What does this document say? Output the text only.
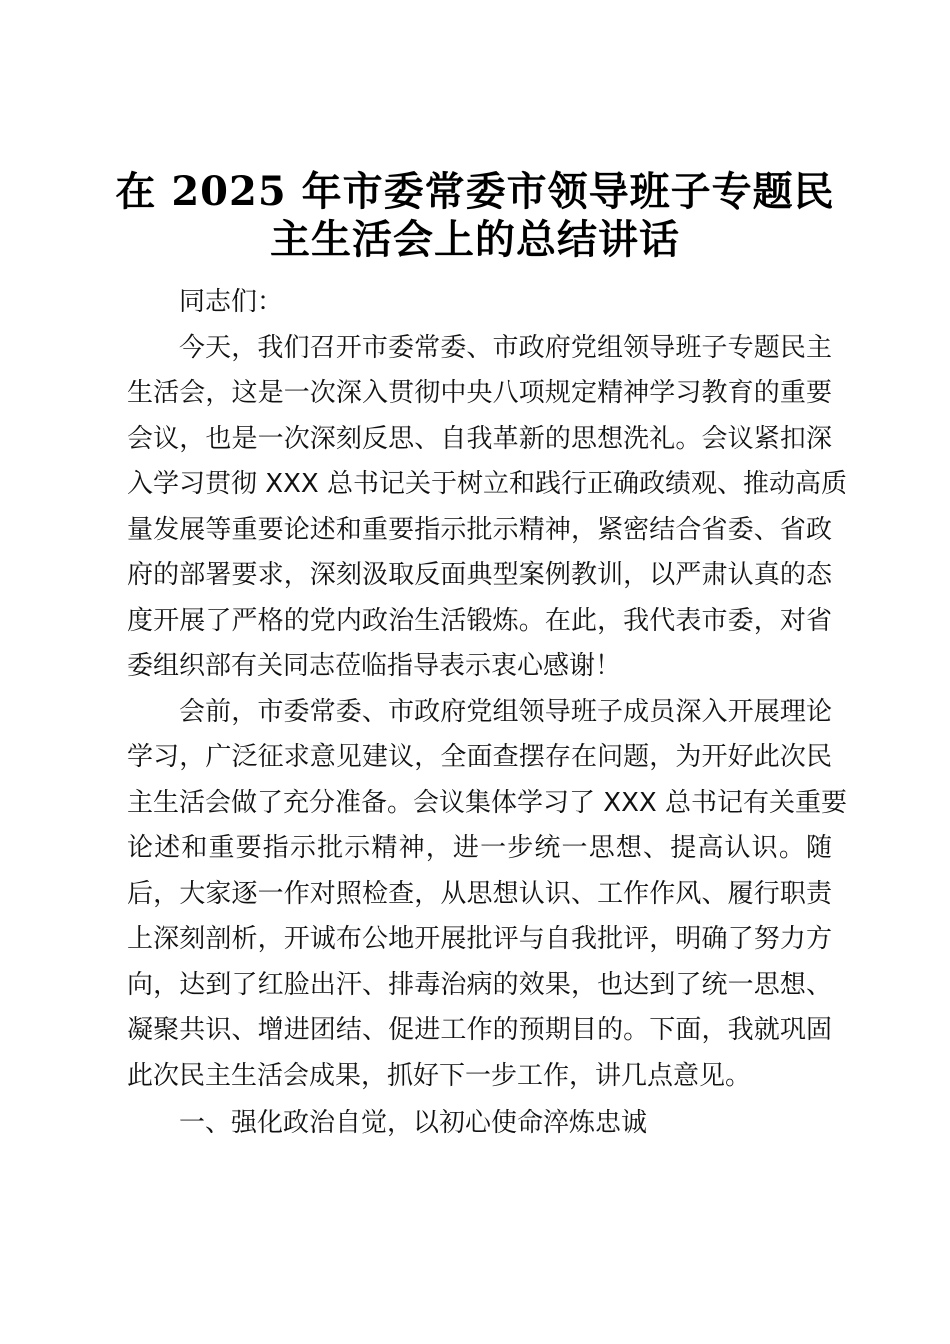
在 2025 年市委常委市领导班子专题民
主生活会上的总结讲话
同志们：
今天，我们召开市委常委、市政府党组领导班子专题民主
生活会，这是一次深入贯彻中央八项规定精神学习教育的重要
会议，也是一次深刻反思、自我革新的思想洗礼。会议紧扣深
入学习贯彻 XXX 总书记关于树立和践行正确政绩观、推动高质
量发展等重要论述和重要指示批示精神，紧密结合省委、省政
府的部署要求，深刻汲取反面典型案例教训，以严肃认真的态
度开展了严格的党内政治生活锻炼。在此，我代表市委，对省
委组织部有关同志莅临指导表示衷心感谢！
会前，市委常委、市政府党组领导班子成员深入开展理论
学习，广泛征求意见建议，全面查摆存在问题，为开好此次民
主生活会做了充分准备。会议集体学习了 XXX 总书记有关重要
论述和重要指示批示精神，进一步统一思想、提高认识。随
后，大家逐一作对照检查，从思想认识、工作作风、履行职责
上深刻剖析，开诚布公地开展批评与自我批评，明确了努力方
向，达到了红脸出汗、排毒治病的效果，也达到了统一思想、
凝聚共识、增进团结、促进工作的预期目的。下面，我就巩固
此次民主生活会成果，抓好下一步工作，讲几点意见。
一、强化政治自觉，以初心使命淬炼忠诚
